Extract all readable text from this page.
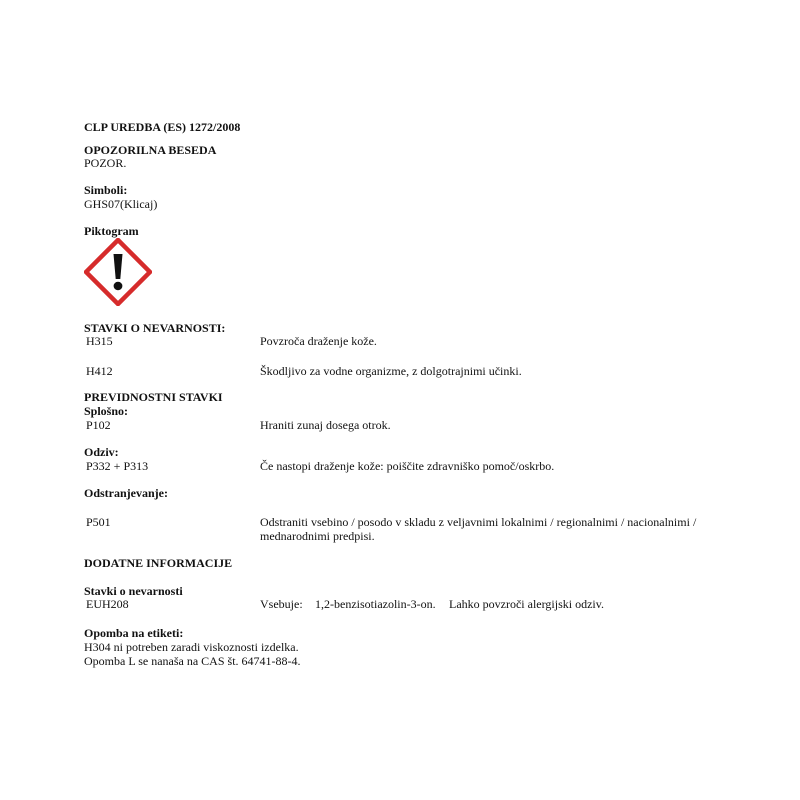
CLP UREDBA (ES) 1272/2008
OPOZORILNA BESEDA
POZOR.
Simboli:
GHS07(Klicaj)
Piktogram
STAVKI O NEVARNOSTI:
H315	Povzroča draženje kože.
H412	Škodljivo za vodne organizme, z dolgotrajnimi učinki.
PREVIDNOSTNI STAVKI
Splošno:
P102	Hraniti zunaj dosega otrok.
Odziv:
P332 + P313	Če nastopi draženje kože: poiščite zdravniško pomoč/oskrbo.
Odstranjevanje:
P501	Odstraniti vsebino / posodo v skladu z veljavnimi lokalnimi / regionalnimi / nacionalnimi /
mednarodnimi predpisi.
DODATNE INFORMACIJE
Stavki o nevarnosti
EUH208	Vsebuje: 1,2-benzisotiazolin-3-on. Lahko povzroči alergijski odziv.
Opomba na etiketi:
H304 ni potreben zaradi viskoznosti izdelka.
Opomba L se nanaša na CAS št. 64741-88-4.
